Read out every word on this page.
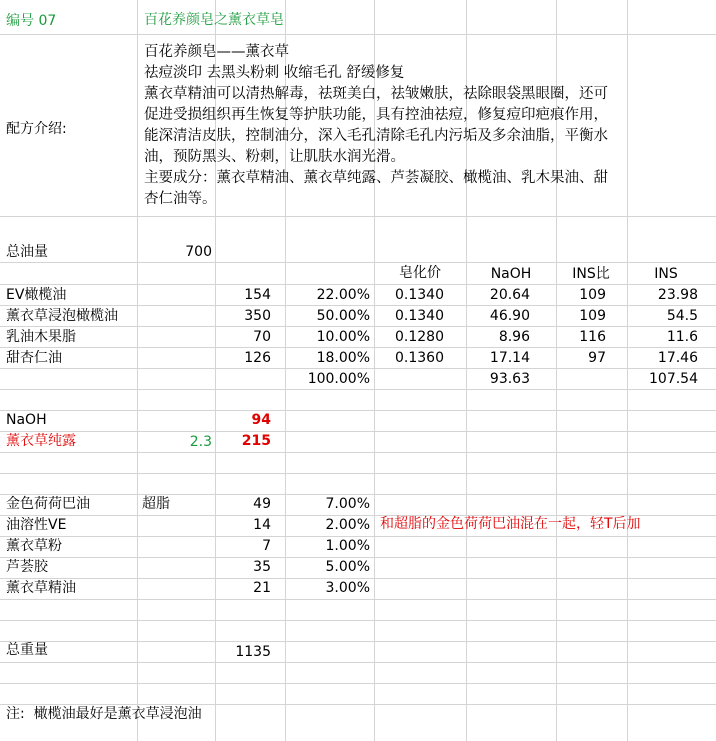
编号 07	百花养颜皂之薰衣草皂
配方介绍:
百花养颜皂——薰衣草
祛痘淡印 去黑头粉刺 收缩毛孔 舒缓修复
薰衣草精油可以清热解毒，祛斑美白，祛皱嫩肤，祛除眼袋黑眼圈，还可
促进受损组织再生恢复等护肤功能，具有控油祛痘，修复痘印疤痕作用，
能深清洁皮肤，控制油分，深入毛孔清除毛孔内污垢及多余油脂，平衡水
油，预防黑头、粉刺，让肌肤水润光滑。
主要成分：薰衣草精油、薰衣草纯露、芦荟凝胶、橄榄油、乳木果油、甜
杏仁油等。
总油量	700
皂化价	NaOH	INS比	INS
EV橄榄油	154	22.00%	0.1340	20.64	109	23.98
薰衣草浸泡橄榄油	350	50.00%	0.1340	46.90	109	54.5
乳油木果脂	70	10.00%	0.1280	8.96	116	11.6
甜杏仁油	126	18.00%	0.1360	17.14	97	17.46
100.00%	93.63	107.54
NaOH	94
薰衣草纯露	2.3	215
金色荷荷巴油	超脂	49	7.00%
油溶性VE	14	2.00%
薰衣草粉	7	1.00%
芦荟胶	35	5.00%
薰衣草精油	21	3.00%
和超脂的金色荷荷巴油混在一起，轻T后加
总重量	1135
注:  橄榄油最好是薰衣草浸泡油
